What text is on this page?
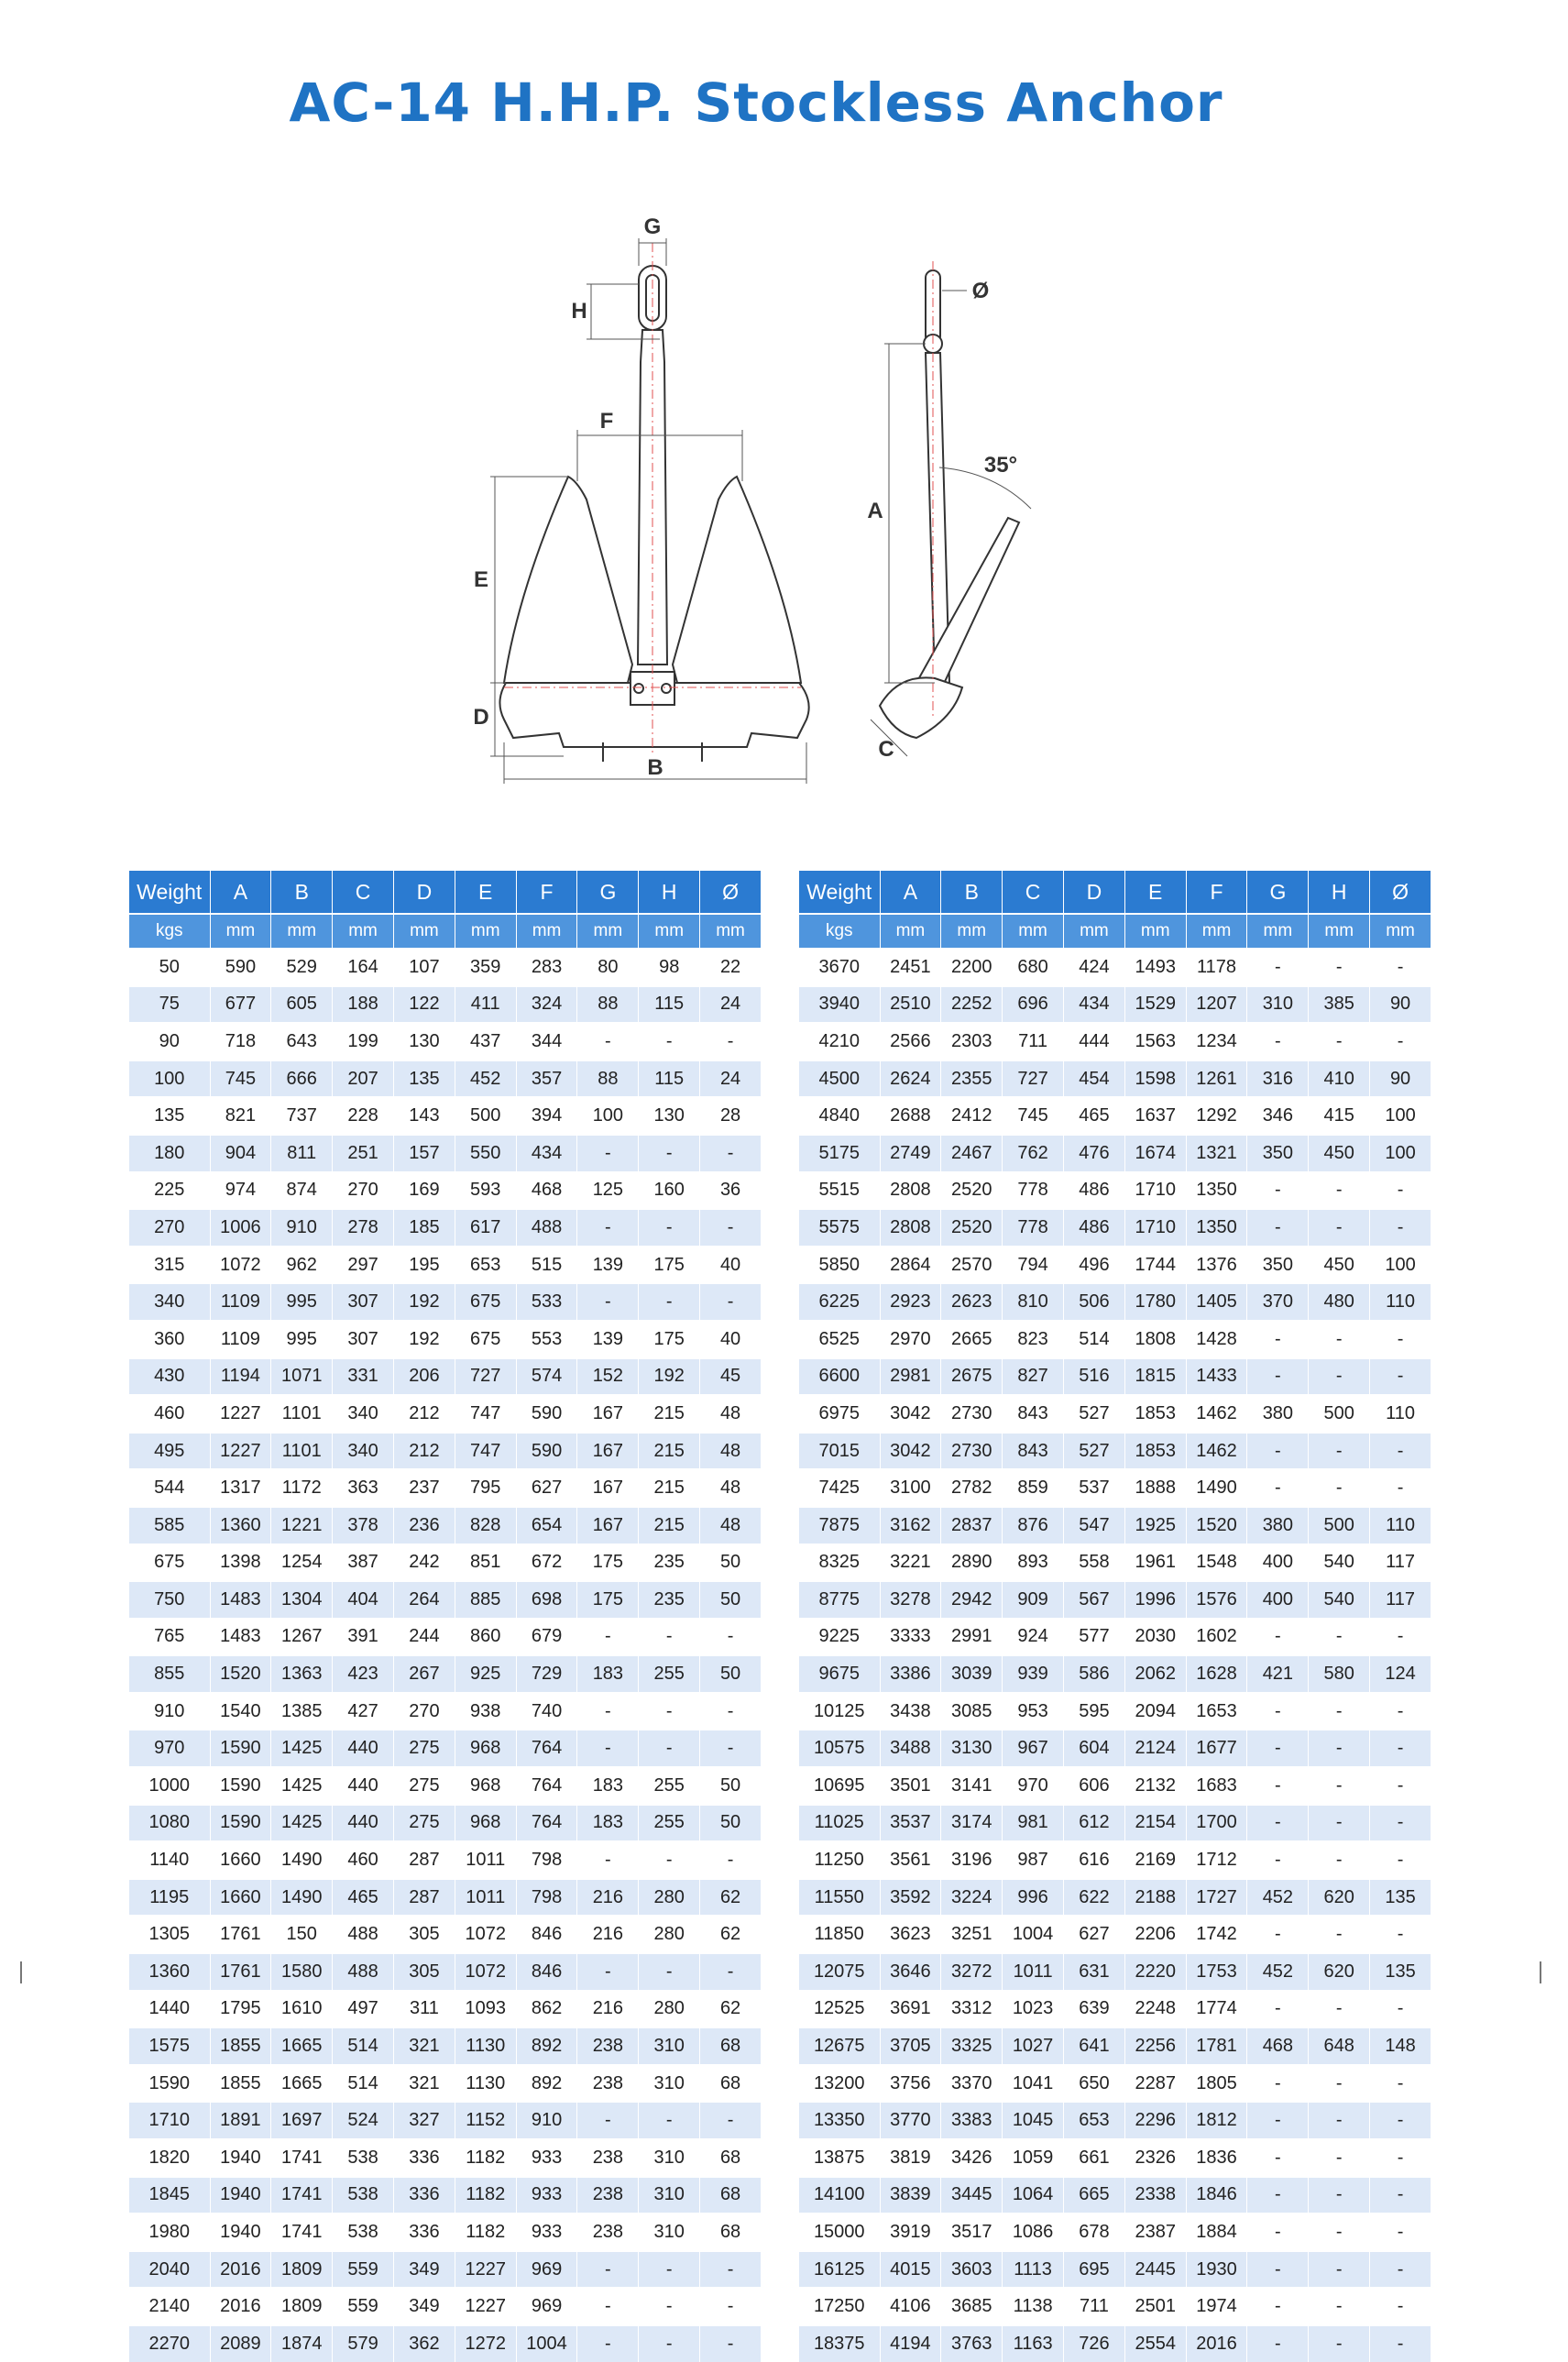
AC-14 H.H.P. Stockless Anchor
G
H
F
E
D
B
Ø
A
35°
C
Weight	A	B	C	D	E	F	G	H	Ø
kgs	mm	mm	mm	mm	mm	mm	mm	mm	mm
50	590	529	164	107	359	283	80	98	22
75	677	605	188	122	411	324	88	115	24
90	718	643	199	130	437	344	-	-	-
100	745	666	207	135	452	357	88	115	24
135	821	737	228	143	500	394	100	130	28
180	904	811	251	157	550	434	-	-	-
225	974	874	270	169	593	468	125	160	36
270	1006	910	278	185	617	488	-	-	-
315	1072	962	297	195	653	515	139	175	40
340	1109	995	307	192	675	533	-	-	-
360	1109	995	307	192	675	553	139	175	40
430	1194	1071	331	206	727	574	152	192	45
460	1227	1101	340	212	747	590	167	215	48
495	1227	1101	340	212	747	590	167	215	48
544	1317	1172	363	237	795	627	167	215	48
585	1360	1221	378	236	828	654	167	215	48
675	1398	1254	387	242	851	672	175	235	50
750	1483	1304	404	264	885	698	175	235	50
765	1483	1267	391	244	860	679	-	-	-
855	1520	1363	423	267	925	729	183	255	50
910	1540	1385	427	270	938	740	-	-	-
970	1590	1425	440	275	968	764	-	-	-
1000	1590	1425	440	275	968	764	183	255	50
1080	1590	1425	440	275	968	764	183	255	50
1140	1660	1490	460	287	1011	798	-	-	-
1195	1660	1490	465	287	1011	798	216	280	62
1305	1761	150	488	305	1072	846	216	280	62
1360	1761	1580	488	305	1072	846	-	-	-
1440	1795	1610	497	311	1093	862	216	280	62
1575	1855	1665	514	321	1130	892	238	310	68
1590	1855	1665	514	321	1130	892	238	310	68
1710	1891	1697	524	327	1152	910	-	-	-
1820	1940	1741	538	336	1182	933	238	310	68
1845	1940	1741	538	336	1182	933	238	310	68
1980	1940	1741	538	336	1182	933	238	310	68
2040	2016	1809	559	349	1227	969	-	-	-
2140	2016	1809	559	349	1227	969	-	-	-
2270	2089	1874	579	362	1272	1004	-	-	-
Weight	A	B	C	D	E	F	G	H	Ø
kgs	mm	mm	mm	mm	mm	mm	mm	mm	mm
3670	2451	2200	680	424	1493	1178	-	-	-
3940	2510	2252	696	434	1529	1207	310	385	90
4210	2566	2303	711	444	1563	1234	-	-	-
4500	2624	2355	727	454	1598	1261	316	410	90
4840	2688	2412	745	465	1637	1292	346	415	100
5175	2749	2467	762	476	1674	1321	350	450	100
5515	2808	2520	778	486	1710	1350	-	-	-
5575	2808	2520	778	486	1710	1350	-	-	-
5850	2864	2570	794	496	1744	1376	350	450	100
6225	2923	2623	810	506	1780	1405	370	480	110
6525	2970	2665	823	514	1808	1428	-	-	-
6600	2981	2675	827	516	1815	1433	-	-	-
6975	3042	2730	843	527	1853	1462	380	500	110
7015	3042	2730	843	527	1853	1462	-	-	-
7425	3100	2782	859	537	1888	1490	-	-	-
7875	3162	2837	876	547	1925	1520	380	500	110
8325	3221	2890	893	558	1961	1548	400	540	117
8775	3278	2942	909	567	1996	1576	400	540	117
9225	3333	2991	924	577	2030	1602	-	-	-
9675	3386	3039	939	586	2062	1628	421	580	124
10125	3438	3085	953	595	2094	1653	-	-	-
10575	3488	3130	967	604	2124	1677	-	-	-
10695	3501	3141	970	606	2132	1683	-	-	-
11025	3537	3174	981	612	2154	1700	-	-	-
11250	3561	3196	987	616	2169	1712	-	-	-
11550	3592	3224	996	622	2188	1727	452	620	135
11850	3623	3251	1004	627	2206	1742	-	-	-
12075	3646	3272	1011	631	2220	1753	452	620	135
12525	3691	3312	1023	639	2248	1774	-	-	-
12675	3705	3325	1027	641	2256	1781	468	648	148
13200	3756	3370	1041	650	2287	1805	-	-	-
13350	3770	3383	1045	653	2296	1812	-	-	-
13875	3819	3426	1059	661	2326	1836	-	-	-
14100	3839	3445	1064	665	2338	1846	-	-	-
15000	3919	3517	1086	678	2387	1884	-	-	-
16125	4015	3603	1113	695	2445	1930	-	-	-
17250	4106	3685	1138	711	2501	1974	-	-	-
18375	4194	3763	1163	726	2554	2016	-	-	-
